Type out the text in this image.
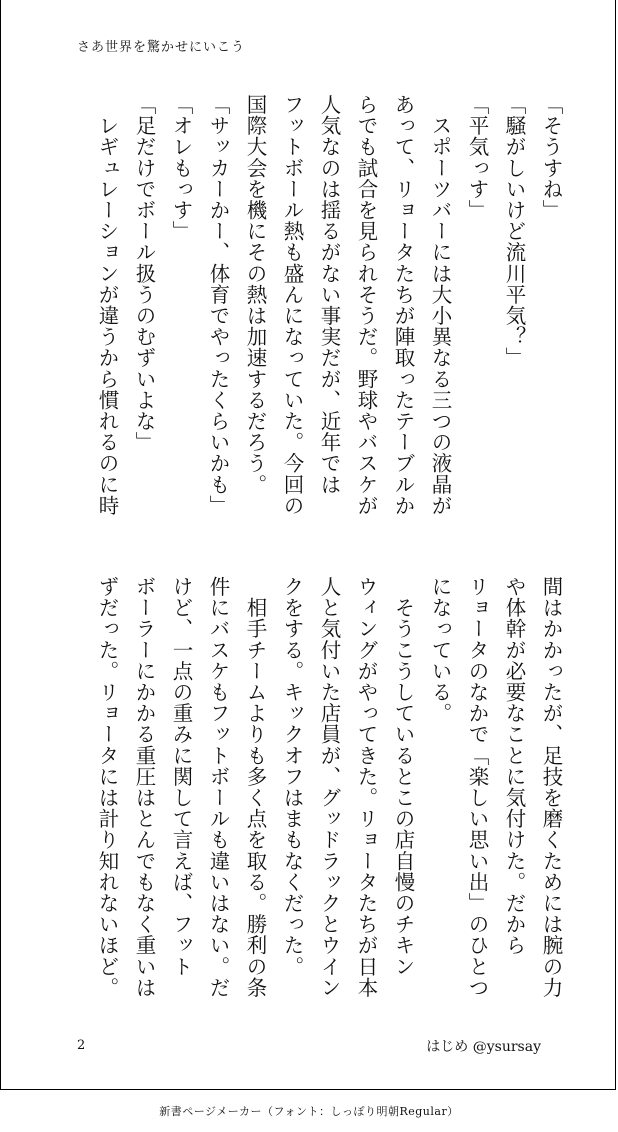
さあ世界を驚かせにいこう
「そうすね」
「騒がしいけど流川平気？」
「平気っす」
　スポーツバーには大小異なる三つの液晶が
あって、リョータたちが陣取ったテーブルか
らでも試合を見られそうだ。野球やバスケが
人気なのは揺るがない事実だが、近年では
フットボール熱も盛んになっていた。今回の
国際大会を機にその熱は加速するだろう。
「サッカーかー、体育でやったくらいかも」
「オレもっす」
「足だけでボール扱うのむずいよな」
　レギュレーションが違うから慣れるのに時
間はかかったが、足技を磨くためには腕の力
や体幹が必要なことに気付けた。だから
リョータのなかで「楽しい思い出」のひとつ
になっている。
　そうこうしているとこの店自慢のチキン
ウィングがやってきた。リョータたちが日本
人と気付いた店員が、グッドラックとウイン
クをする。キックオフはまもなくだった。
　相手チームよりも多く点を取る。勝利の条
件にバスケもフットボールも違いはない。だ
けど、一点の重みに関して言えば、フット
ボーラーにかかる重圧はとんでもなく重いは
ずだった。リョータには計り知れないほど。
2	はじめ @ysursay
新書ページメーカー（フォント：しっぽり明朝Regular）
